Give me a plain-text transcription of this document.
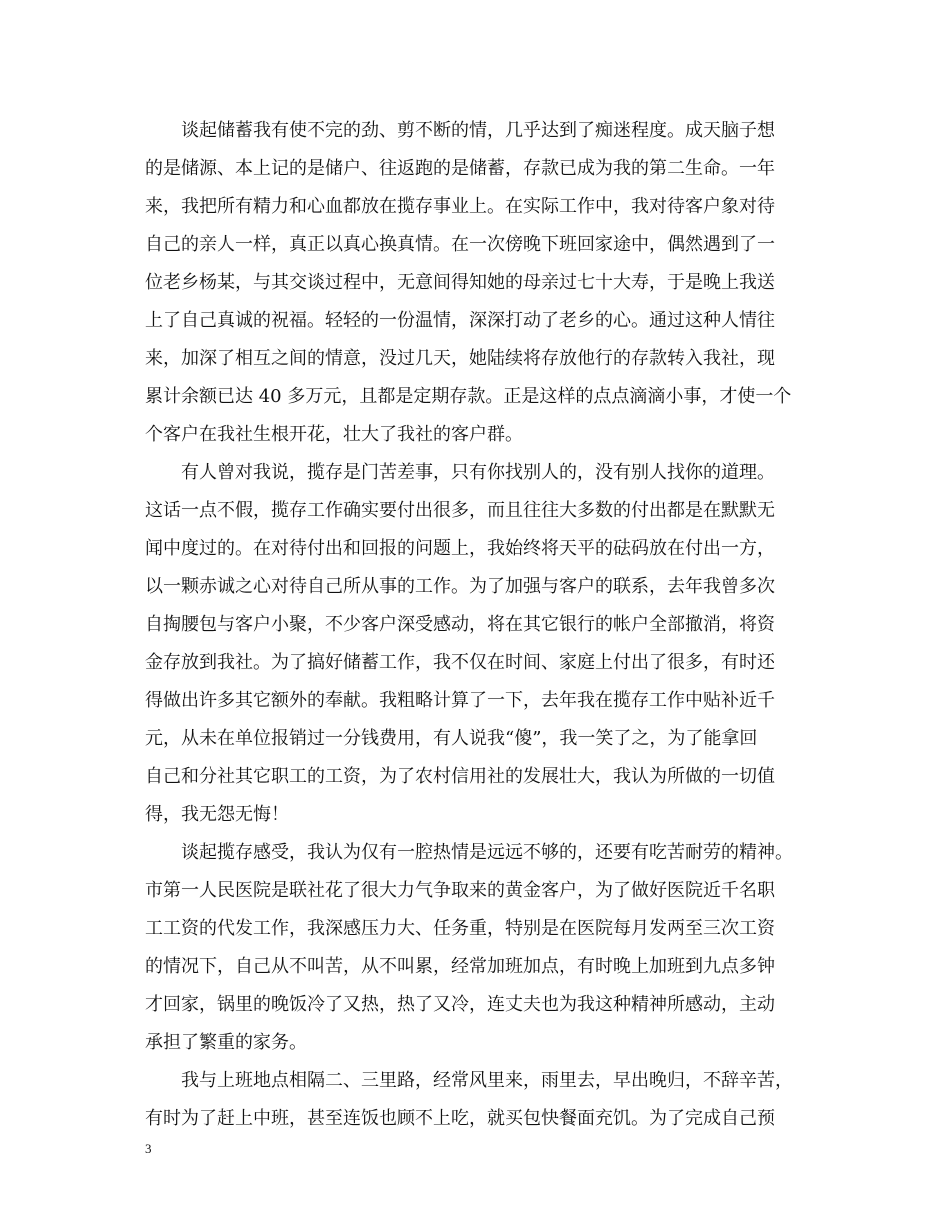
谈起储蓄我有使不完的劲、剪不断的情，几乎达到了痴迷程度。成天脑子想
的是储源、本上记的是储户、往返跑的是储蓄，存款已成为我的第二生命。一年
来，我把所有精力和心血都放在揽存事业上。在实际工作中，我对待客户象对待
自己的亲人一样，真正以真心换真情。在一次傍晚下班回家途中，偶然遇到了一
位老乡杨某，与其交谈过程中，无意间得知她的母亲过七十大寿，于是晚上我送
上了自己真诚的祝福。轻轻的一份温情，深深打动了老乡的心。通过这种人情往
来，加深了相互之间的情意，没过几天，她陆续将存放他行的存款转入我社，现
累计余额已达 40 多万元，且都是定期存款。正是这样的点点滴滴小事，才使一个
个客户在我社生根开花，壮大了我社的客户群。
有人曾对我说，揽存是门苦差事，只有你找别人的，没有别人找你的道理。
这话一点不假，揽存工作确实要付出很多，而且往往大多数的付出都是在默默无
闻中度过的。在对待付出和回报的问题上，我始终将天平的砝码放在付出一方，
以一颗赤诚之心对待自己所从事的工作。为了加强与客户的联系，去年我曾多次
自掏腰包与客户小聚，不少客户深受感动，将在其它银行的帐户全部撤消，将资
金存放到我社。为了搞好储蓄工作，我不仅在时间、家庭上付出了很多，有时还
得做出许多其它额外的奉献。我粗略计算了一下，去年我在揽存工作中贴补近千
元，从未在单位报销过一分钱费用，有人说我“傻”，我一笑了之，为了能拿回
自己和分社其它职工的工资，为了农村信用社的发展壮大，我认为所做的一切值
得，我无怨无悔！
谈起揽存感受，我认为仅有一腔热情是远远不够的，还要有吃苦耐劳的精神。
市第一人民医院是联社花了很大力气争取来的黄金客户，为了做好医院近千名职
工工资的代发工作，我深感压力大、任务重，特别是在医院每月发两至三次工资
的情况下，自己从不叫苦，从不叫累，经常加班加点，有时晚上加班到九点多钟
才回家，锅里的晚饭冷了又热，热了又冷，连丈夫也为我这种精神所感动，主动
承担了繁重的家务。
我与上班地点相隔二、三里路，经常风里来，雨里去，早出晚归，不辞辛苦，
有时为了赶上中班，甚至连饭也顾不上吃，就买包快餐面充饥。为了完成自己预
3
